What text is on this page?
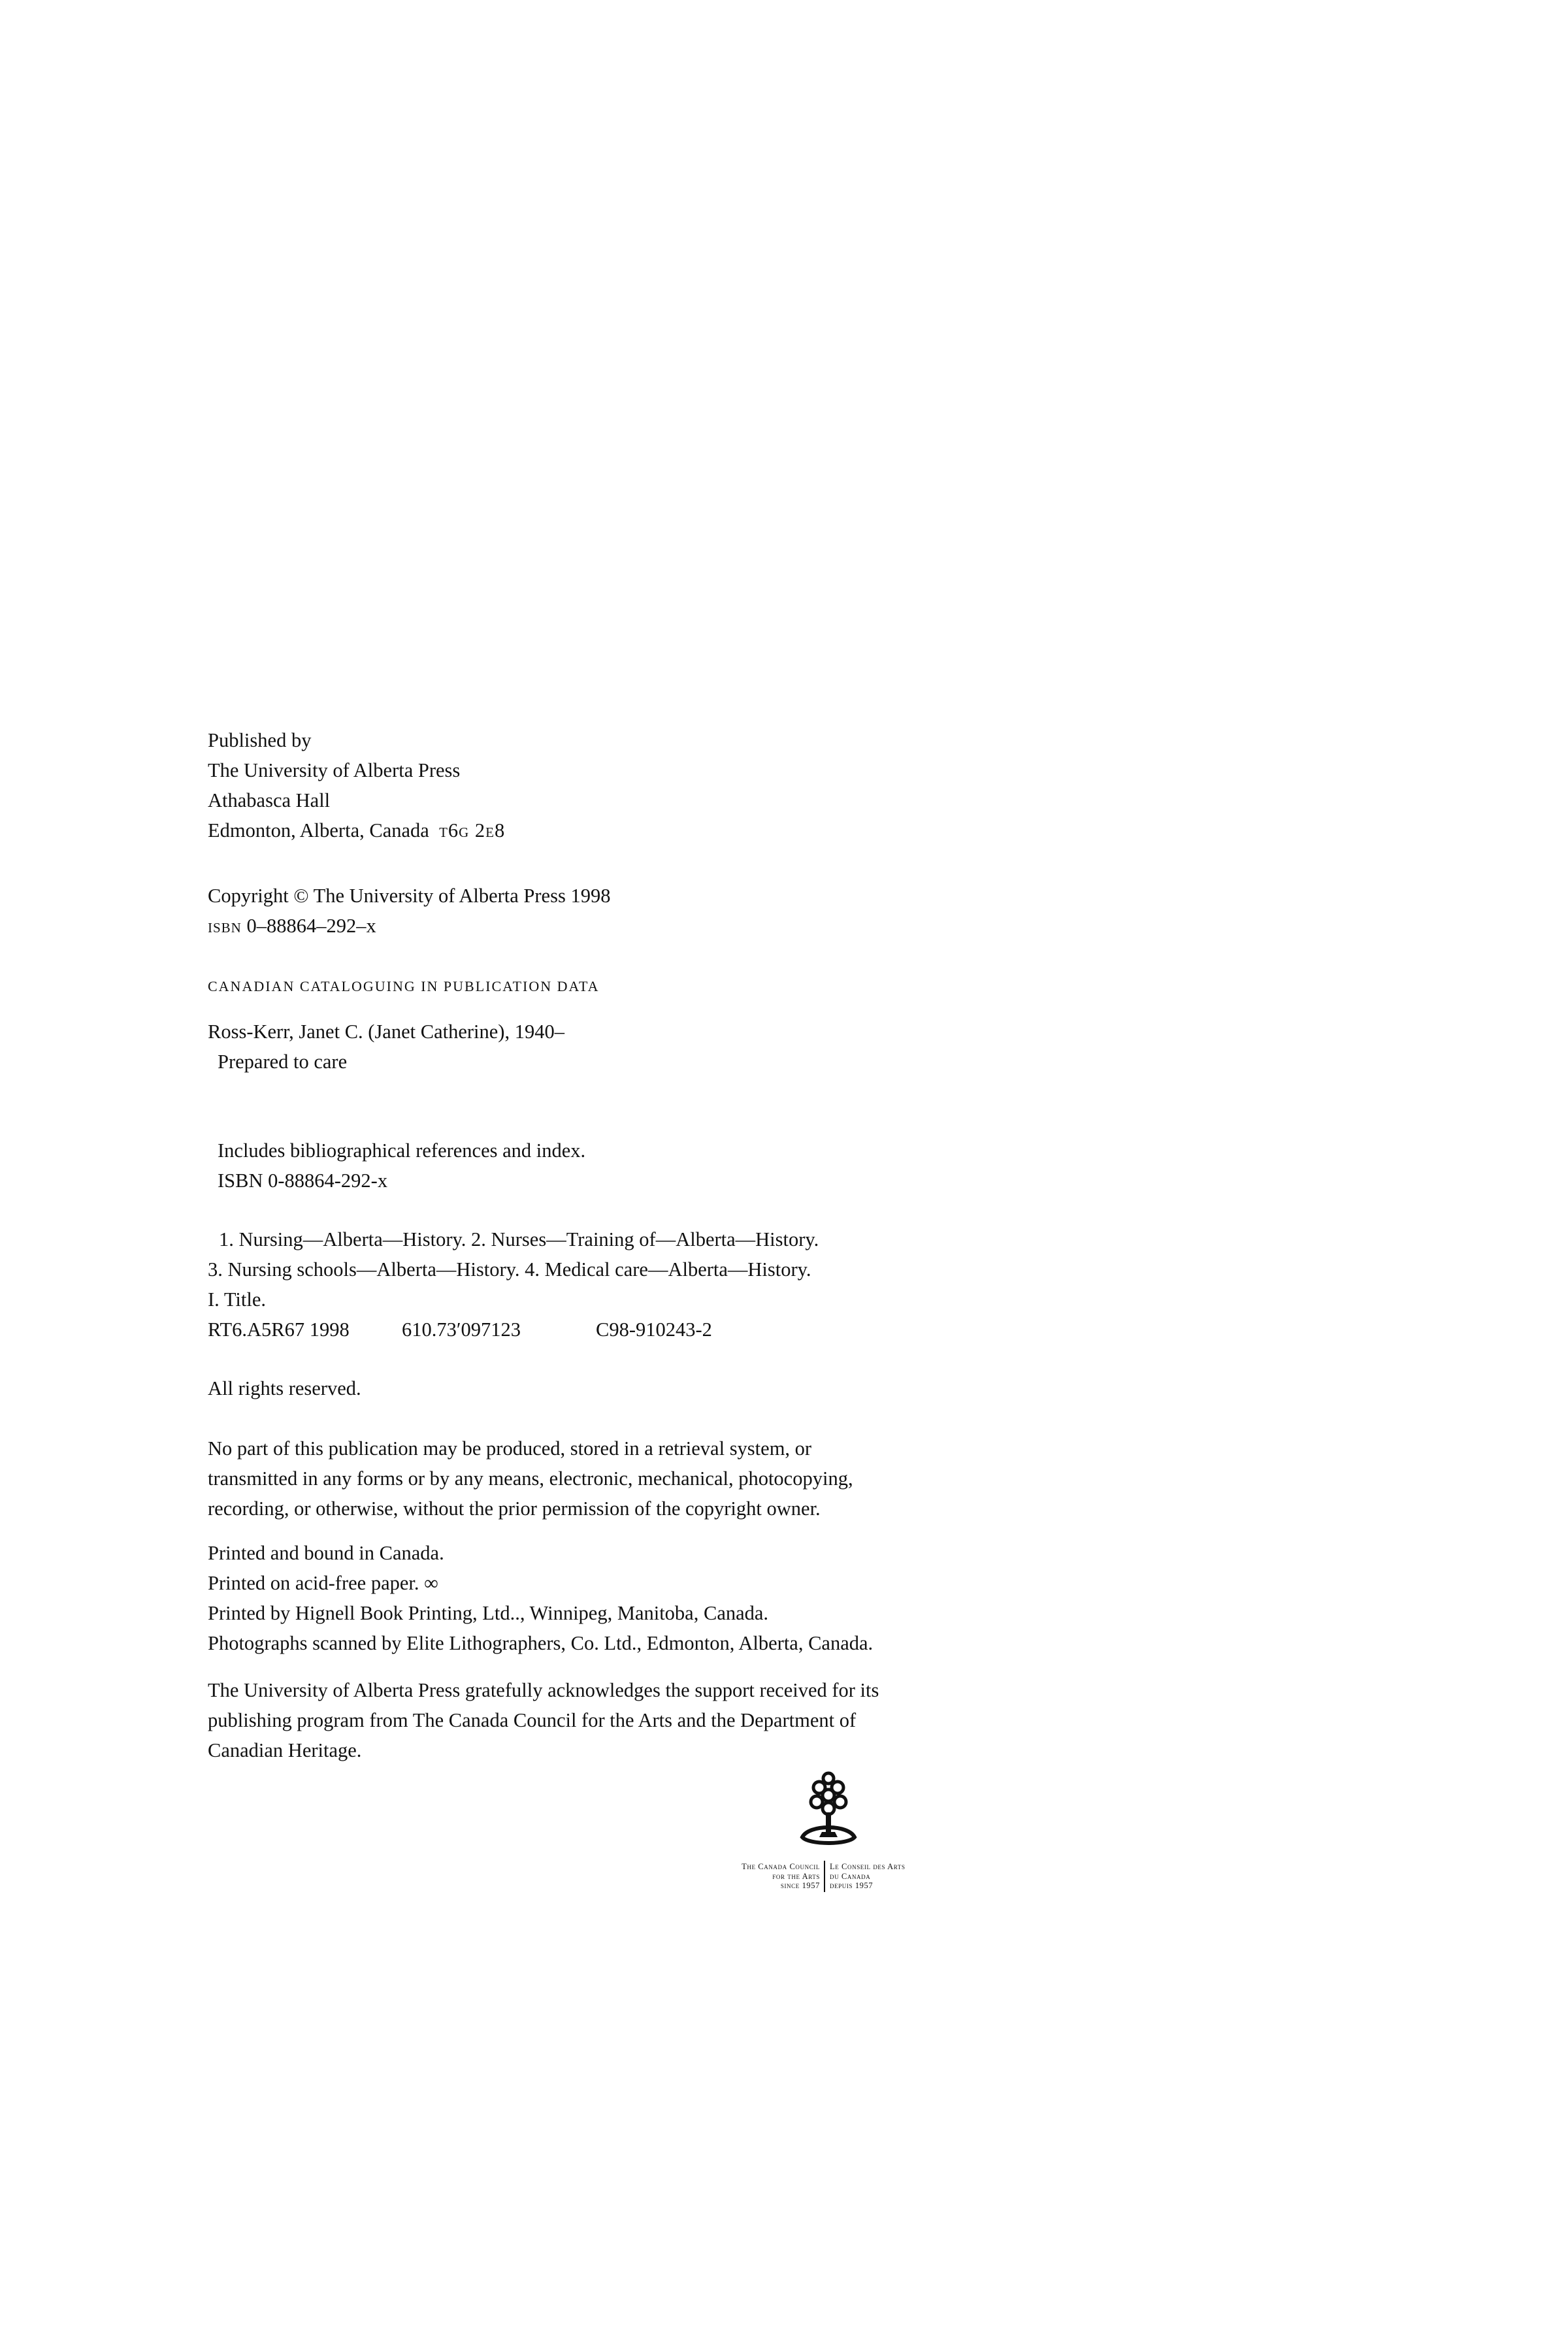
Published by
The University of Alberta Press
Athabasca Hall
Edmonton, Alberta, Canada t6g 2e8
Copyright © The University of Alberta Press 1998
isbn 0–88864–292–x
CANADIAN CATALOGUING IN PUBLICATION DATA
Ross-Kerr, Janet C. (Janet Catherine), 1940–
Prepared to care
Includes bibliographical references and index.
ISBN 0-88864-292-x
1. Nursing—Alberta—History. 2. Nurses—Training of—Alberta—History.
3. Nursing schools—Alberta—History. 4. Medical care—Alberta—History.
I. Title.
RT6.A5R67 1998	610.73′097123	C98-910243-2
All rights reserved.
No part of this publication may be produced, stored in a retrieval system, or
transmitted in any forms or by any means, electronic, mechanical, photocopying,
recording, or otherwise, without the prior permission of the copyright owner.
Printed and bound in Canada.
Printed on acid-free paper. ∞
Printed by Hignell Book Printing, Ltd.., Winnipeg, Manitoba, Canada.
Photographs scanned by Elite Lithographers, Co. Ltd., Edmonton, Alberta, Canada.
The University of Alberta Press gratefully acknowledges the support received for its
publishing program from The Canada Council for the Arts and the Department of
Canadian Heritage.
The Canada Council
for the Arts
since 1957
Le Conseil des Arts
du Canada
depuis 1957
